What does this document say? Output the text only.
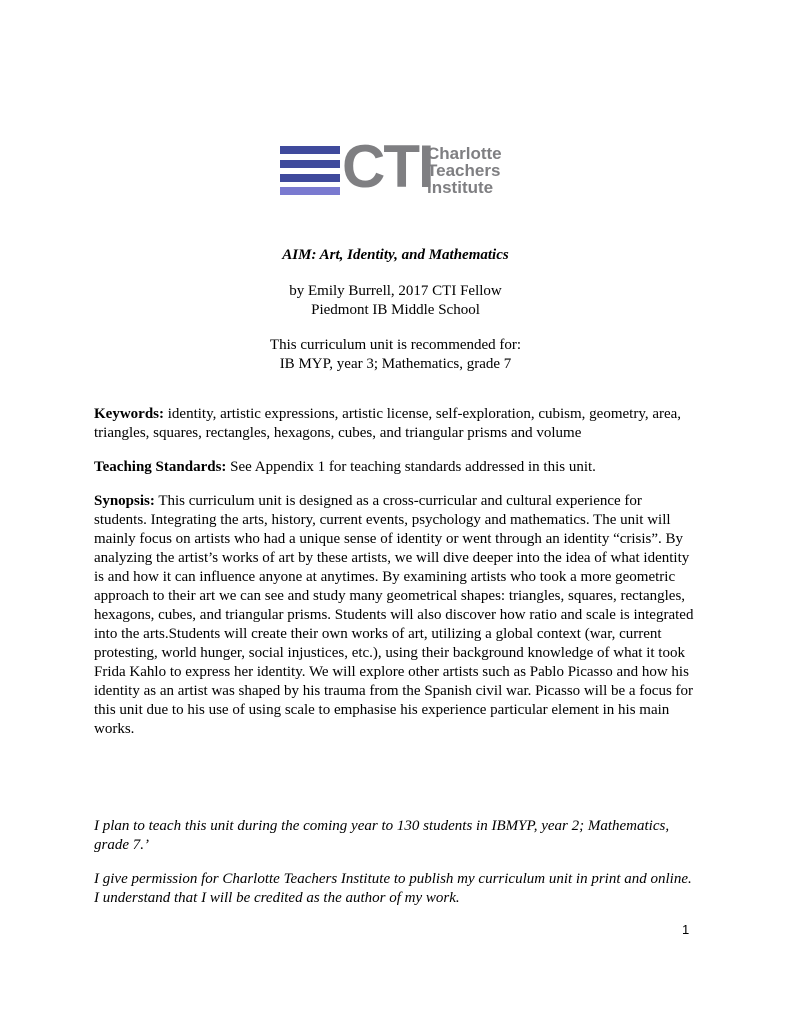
CTI
Charlotte
Teachers
Institute
AIM: Art, Identity, and Mathematics
by Emily Burrell, 2017 CTI Fellow
Piedmont IB Middle School
This curriculum unit is recommended for:
IB MYP, year 3; Mathematics, grade 7
Keywords: identity, artistic expressions, artistic license, self-exploration, cubism, geometry, area, triangles, squares, rectangles, hexagons, cubes, and triangular prisms and volume
Teaching Standards: See Appendix 1 for teaching standards addressed in this unit.
Synopsis: This curriculum unit is designed as a cross-curricular and cultural experience for students. Integrating the arts, history, current events, psychology and mathematics. The unit will mainly focus on artists who had a unique sense of identity or went through an identity “crisis”. By analyzing the artist’s works of art by these artists, we will dive deeper into the idea of what identity is and how it can influence anyone at anytimes. By examining artists who took a more geometric approach to their art we can see and study many geometrical shapes: triangles, squares, rectangles, hexagons, cubes, and triangular prisms. Students will also discover how ratio and scale is integrated into the arts.Students will create their own works of art, utilizing a global context (war, current protesting, world hunger, social injustices, etc.), using their background knowledge of what it took Frida Kahlo to express her identity. We will explore other artists such as Pablo Picasso and how his identity as an artist was shaped by his trauma from the Spanish civil war. Picasso will be a focus for this unit due to his use of using scale to emphasise his experience particular element in his main works.
I plan to teach this unit during the coming year to 130 students in IBMYP, year 2; Mathematics, grade 7.’
I give permission for Charlotte Teachers Institute to publish my curriculum unit in print and online. I understand that I will be credited as the author of my work.
1
